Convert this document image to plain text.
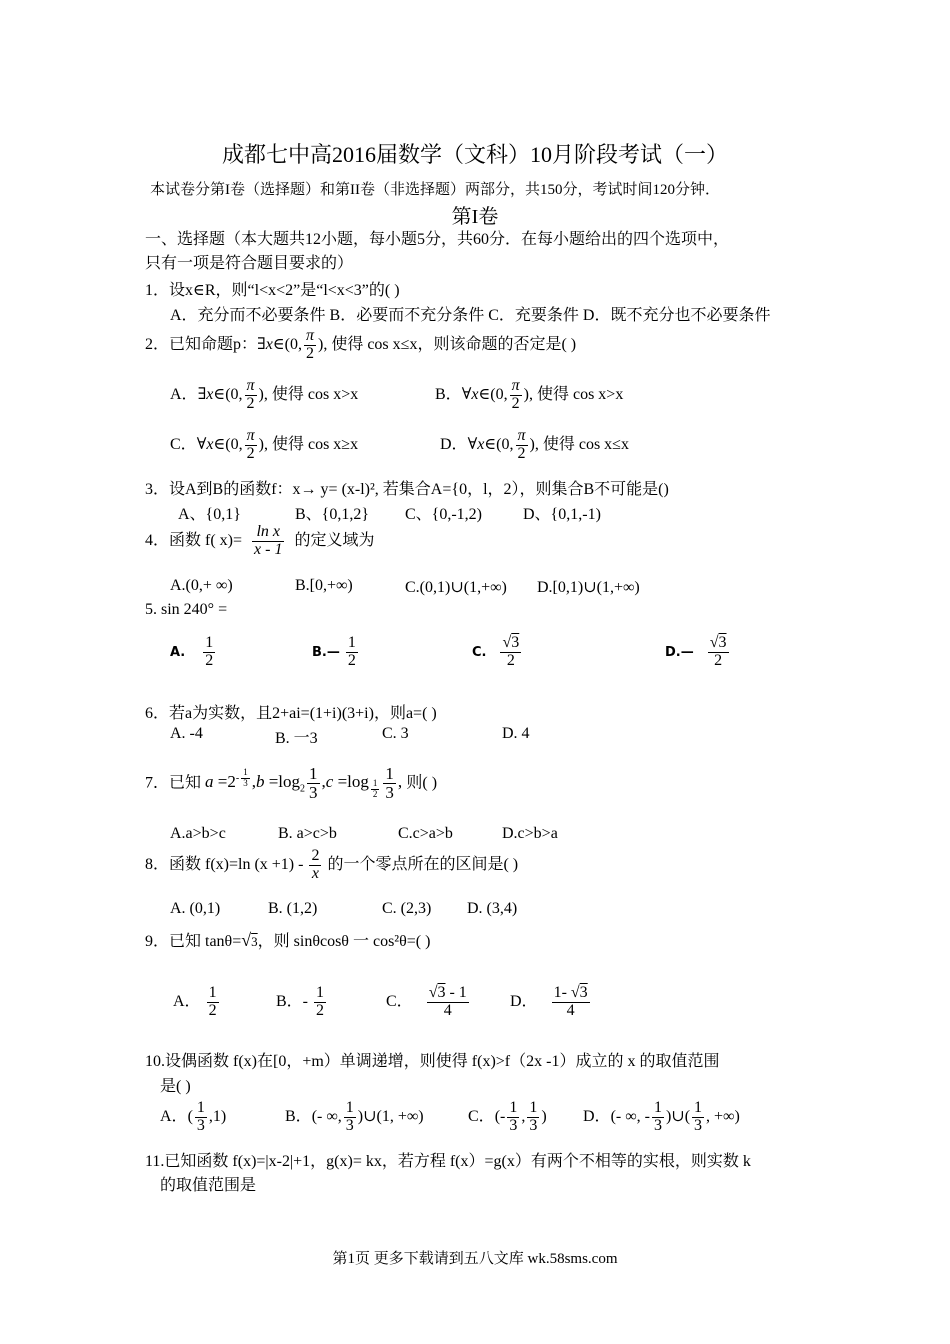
成都七中高2016届数学（文科）10月阶段考试（一）
本试卷分第I卷（选择题）和第II卷（非选择题）两部分，共150分，考试时间120分钟．
第I卷
一、选择题（本大题共12小题，每小题5分，共60分．在每小题给出的四个选项中，
只有一项是符合题目要求的）
1．设x∈R，则“l<x<2”是“l<x<3”的( )
A．充分而不必要条件 B．必要而不充分条件 C．充要条件 D．既不充分也不必要条件
2．已知命题p：∃x∈(0, $\frac{\pi}{2}$ ), 使得 cos x≤x，则该命题的否定是( )
A．∃x∈(0, $\frac{\pi}{2}$ ), 使得 cos x>x	B．∀x∈(0, $\frac{\pi}{2}$ ), 使得 cos x>x
C．∀x∈(0, $\frac{\pi}{2}$ ), 使得 cos x≥x	D．∀x∈(0, $\frac{\pi}{2}$ ), 使得 cos x≤x
3．设A到B的函数f：x→ y= (x-l)², 若集合A={0，l，2），则集合B不可能是()
A、{0,1}	B、{0,1,2} C、{0,-1,2)	D、{0,1,-1)
4．函数 f( $x)= \frac{\text{ln x}}{x - 1}$ 的定义域为
A.(0,+ ∞)	B.[0,+∞)	C.(0,1)∪(1,+∞) D.[0,1)∪(1,+∞)
5. sin 240° =
A. $\frac{1}{2}$	B.— $\frac{1}{2}$	C. $\frac{√3}{2}$	D.— $\frac{√3}{2}$
6．若a为实数，且2+ai=(1+i)(3+i)，则a=( )
A. -4	B. 一3	C. 3	D. 4
7．已知 $a =2^{- \frac{1}{3}}$ $,b =\log_2 \frac{1}{3} ,c =\log$ $_{\frac{1}{2}} \frac{1}{3}$ , 则( )
A.a>b>c	B. a>c>b	C.c>a>b	D.c>b>a
8．函数 f(x)=ln $(x +1) - \frac{2}{x}$ 的一个零点所在的区间是( )
A. (0,1)	B. (1,2)	C. (2,3) D. (3,4)
9．已知 tanθ=√3，则 sinθcosθ 一 cos²θ=( )
A． $\frac{1}{2}$	B．- $\frac{1}{2}$	C． $\frac{√3 - 1}{4}$	D． $\frac{1- √3}{4}$
10.设偶函数 f(x)在[0，+m）单调递增，则使得 f(x)>f（2x -1）成立的 x 的取值范围
是( )
A．( $\frac{1}{3} ,1$)	B．(- ∞, $\frac{1}{3}$ )∪(1, +∞)	C．(- $\frac{1}{3}$ , $\frac{1}{3}$ ) D．(- ∞, - $\frac{1}{3}$ )∪( $\frac{1}{3}$ , +∞)
11.已知函数 f(x)=|x-2|+1，g(x)= kx，若方程 f(x）=g(x）有两个不相等的实根，则实数 k
的取值范围是
第1页 更多下载请到五八文库 wk.58sms.com
